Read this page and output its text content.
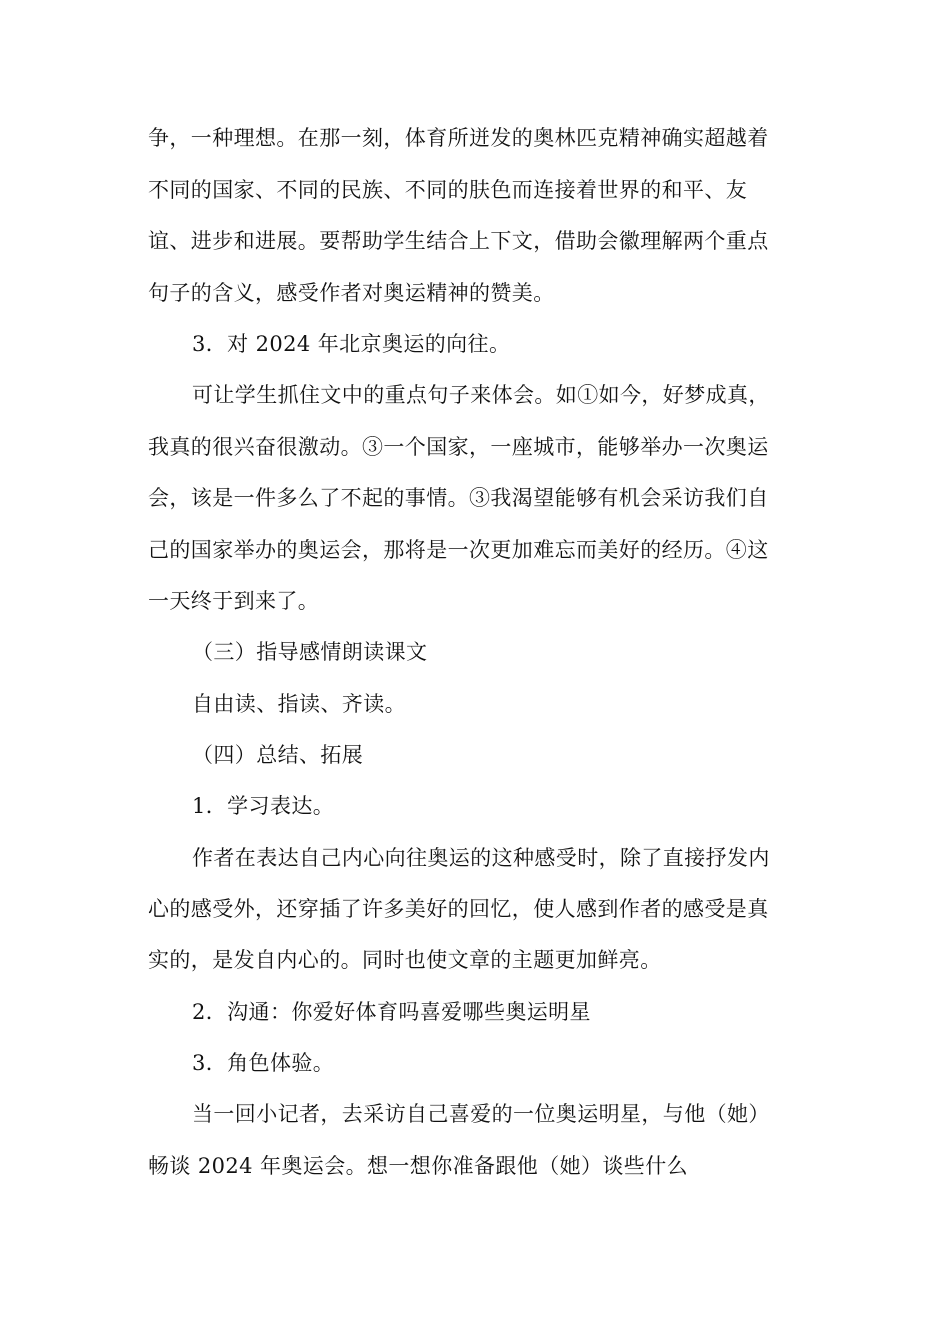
争，一种理想。在那一刻，体育所迸发的奥林匹克精神确实超越着
不同的国家、不同的民族、不同的肤色而连接着世界的和平、友
谊、进步和进展。要帮助学生结合上下文，借助会徽理解两个重点
句子的含义，感受作者对奥运精神的赞美。
3．对 2024 年北京奥运的向往。
可让学生抓住文中的重点句子来体会。如①如今，好梦成真，
我真的很兴奋很激动。③一个国家，一座城市，能够举办一次奥运
会，该是一件多么了不起的事情。③我渴望能够有机会采访我们自
己的国家举办的奥运会，那将是一次更加难忘而美好的经历。④这
一天终于到来了。
（三）指导感情朗读课文
自由读、指读、齐读。
（四）总结、拓展
1．学习表达。
作者在表达自己内心向往奥运的这种感受时，除了直接抒发内
心的感受外，还穿插了许多美好的回忆，使人感到作者的感受是真
实的，是发自内心的。同时也使文章的主题更加鲜亮。
2．沟通：你爱好体育吗喜爱哪些奥运明星
3．角色体验。
当一回小记者，去采访自己喜爱的一位奥运明星，与他（她）
畅谈 2024 年奥运会。想一想你准备跟他（她）谈些什么
